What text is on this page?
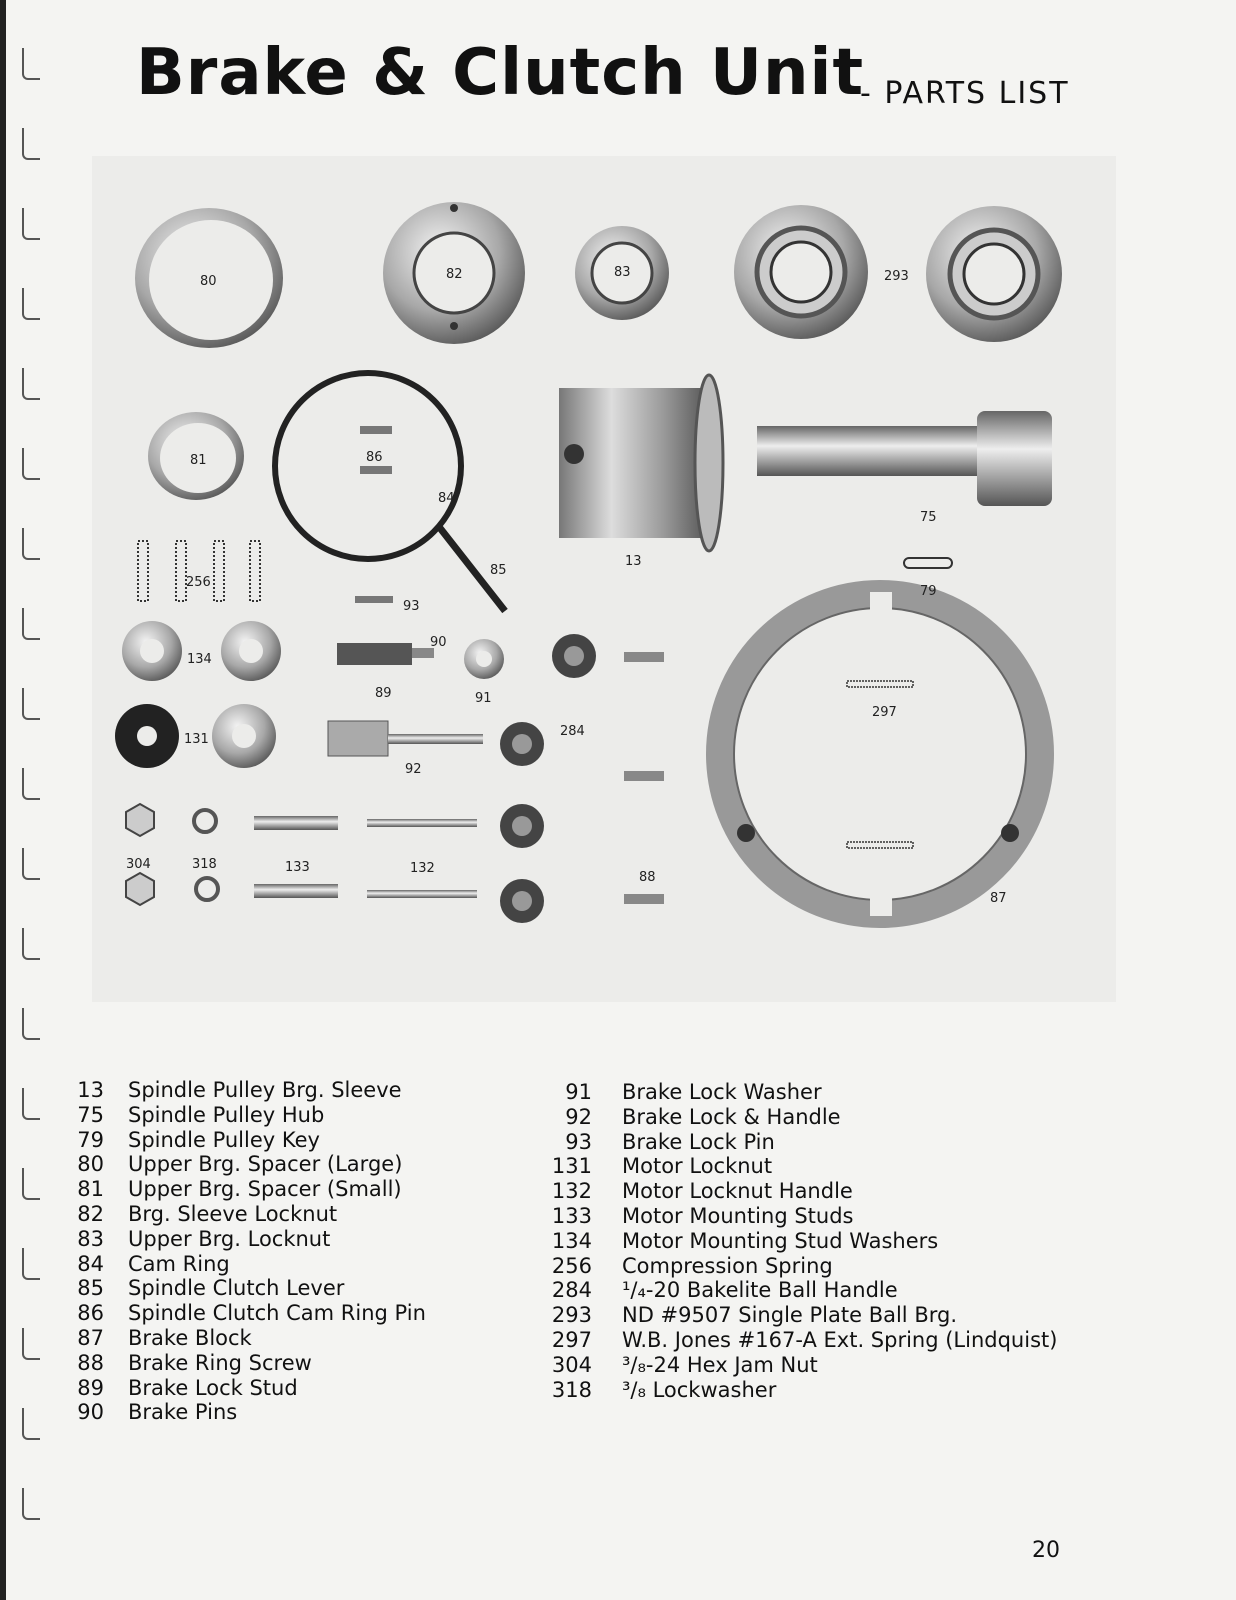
Brake & Clutch Unit
- PARTS LIST
80	82	83	293
81	86
84
13
75
85
256
79
93
90
134
89	91
297
131
284
92
304	318	133	132
88
87
13 Spindle Pulley Brg. Sleeve
75 Spindle Pulley Hub
79 Spindle Pulley Key
80 Upper Brg. Spacer (Large)
81 Upper Brg. Spacer (Small)
82 Brg. Sleeve Locknut
83 Upper Brg. Locknut
84 Cam Ring
85 Spindle Clutch Lever
86 Spindle Clutch Cam Ring Pin
87 Brake Block
88 Brake Ring Screw
89 Brake Lock Stud
90 Brake Pins
91 Brake Lock Washer
92 Brake Lock & Handle
93 Brake Lock Pin
131 Motor Locknut
132 Motor Locknut Handle
133 Motor Mounting Studs
134 Motor Mounting Stud Washers
256 Compression Spring
284 ¹/₄-20 Bakelite Ball Handle
293 ND #9507 Single Plate Ball Brg.
297 W.B. Jones #167-A Ext. Spring (Lindquist)
304 ³/₈-24 Hex Jam Nut
318 ³/₈ Lockwasher
20
